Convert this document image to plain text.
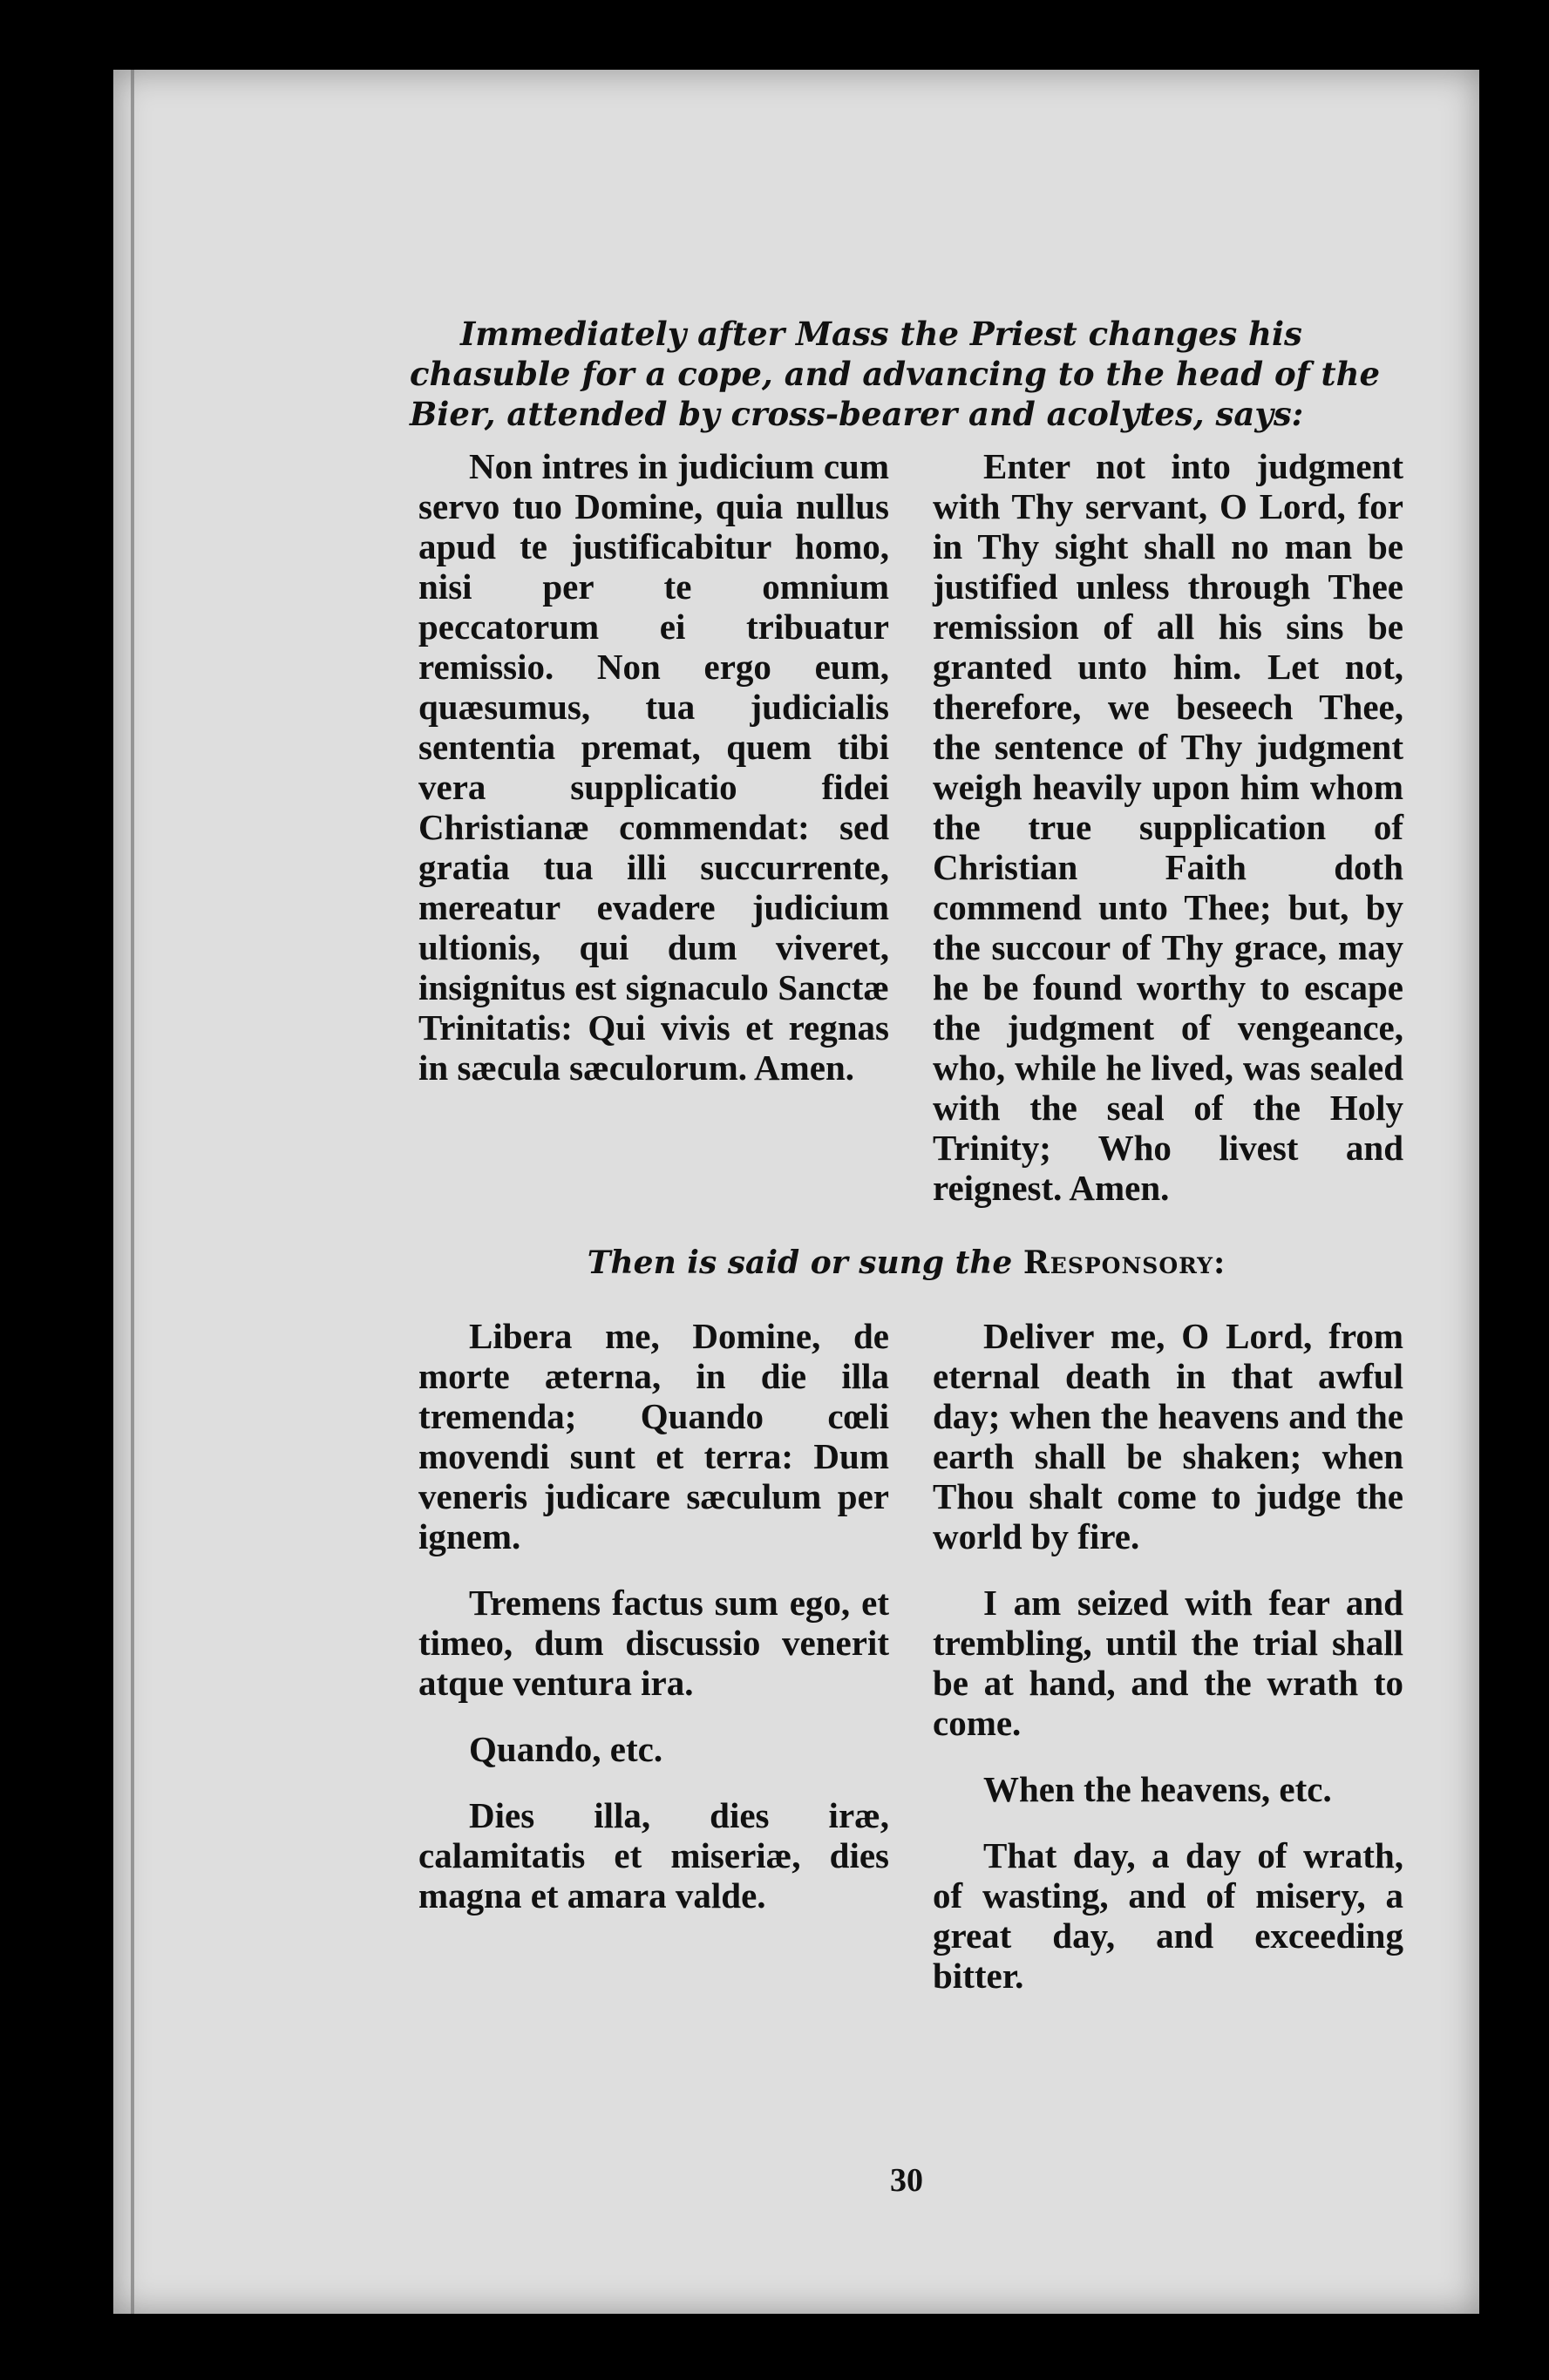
Immediately after Mass the Priest changes his chasuble for a cope, and advancing to the head of the Bier, attended by cross-bearer and acolytes, says:

Non intres in judicium cum servo tuo Domine, quia nullus apud te justificabitur homo, nisi per te omnium peccatorum ei tribuatur remissio. Non ergo eum, quæsumus, tua judicialis sententia premat, quem tibi vera supplicatio fidei Christianæ commendat: sed gratia tua illi succurrente, mereatur evadere judicium ultionis, qui dum viveret, insignitus est signaculo Sanctæ Trinitatis: Qui vivis et regnas in sæcula sæculorum. Amen.

Enter not into judgment with Thy servant, O Lord, for in Thy sight shall no man be justified unless through Thee remission of all his sins be granted unto him. Let not, therefore, we beseech Thee, the sentence of Thy judgment weigh heavily upon him whom the true supplication of Christian Faith doth commend unto Thee; but, by the succour of Thy grace, may he be found worthy to escape the judgment of vengeance, who, while he lived, was sealed with the seal of the Holy Trinity; Who livest and reignest. Amen.

Then is said or sung the Responsory:

Libera me, Domine, de morte æterna, in die illa tremenda; Quando cœli movendi sunt et terra: Dum veneris judicare sæculum per ignem.

Tremens factus sum ego, et timeo, dum discussio venerit atque ventura ira.

Quando, etc.

Dies illa, dies iræ, calamitatis et miseriæ, dies magna et amara valde.

Deliver me, O Lord, from eternal death in that awful day; when the heavens and the earth shall be shaken; when Thou shalt come to judge the world by fire.

I am seized with fear and trembling, until the trial shall be at hand, and the wrath to come.

When the heavens, etc.

That day, a day of wrath, of wasting, and of misery, a great day, and exceeding bitter.

30
